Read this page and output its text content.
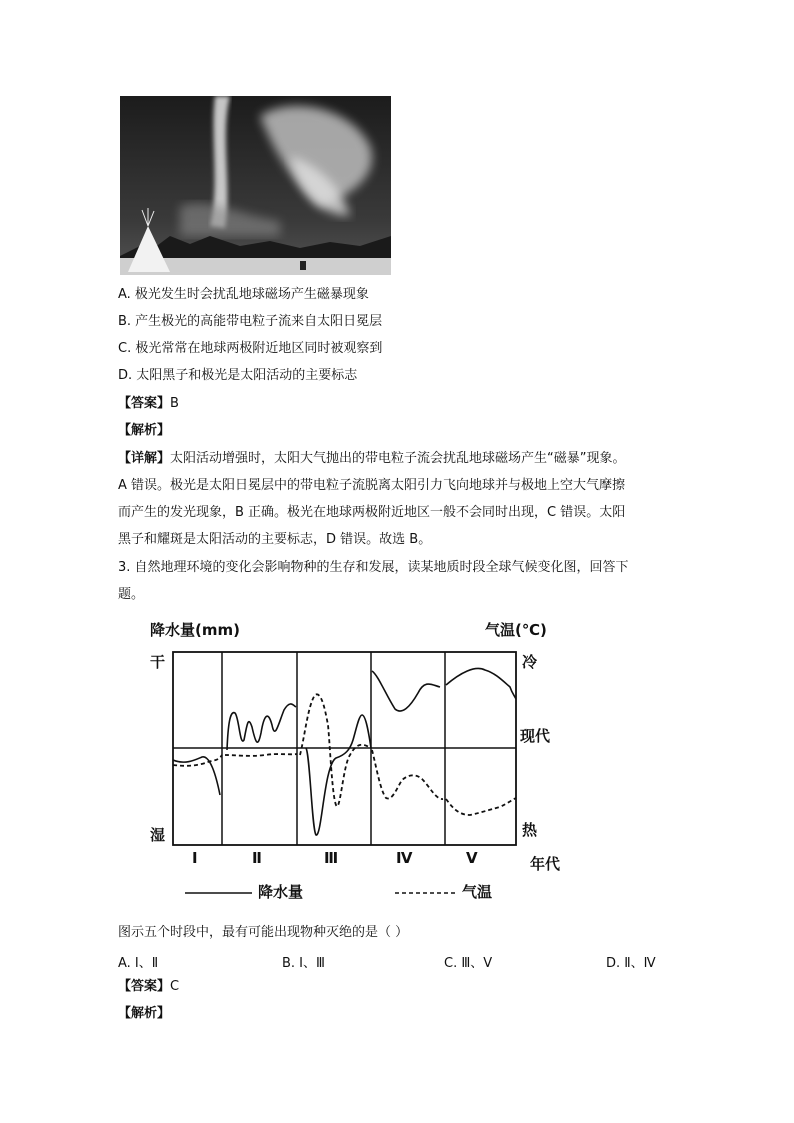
A. 极光发生时会扰乱地球磁场产生磁暴现象
B. 产生极光的高能带电粒子流来自太阳日冕层
C. 极光常常在地球两极附近地区同时被观察到
D. 太阳黑子和极光是太阳活动的主要标志
【答案】B
【解析】
【详解】太阳活动增强时，太阳大气抛出的带电粒子流会扰乱地球磁场产生“磁暴”现象。
A 错误。极光是太阳日冕层中的带电粒子流脱离太阳引力飞向地球并与极地上空大气摩擦
而产生的发光现象，B 正确。极光在地球两极附近地区一般不会同时出现，C 错误。太阳
黑子和耀斑是太阳活动的主要标志，D 错误。故选 B。
3. 自然地理环境的变化会影响物种的生存和发展，读某地质时段全球气候变化图，回答下
题。
降水量(mm)	气温(℃)
干
湿
冷
现代
热
年代
Ⅰ	Ⅱ	Ⅲ	Ⅳ	Ⅴ
降水量	气温
图示五个时段中，最有可能出现物种灭绝的是（ ）
A. Ⅰ、Ⅱ	B. Ⅰ、Ⅲ	C. Ⅲ、Ⅴ	D. Ⅱ、Ⅳ
【答案】C
【解析】
